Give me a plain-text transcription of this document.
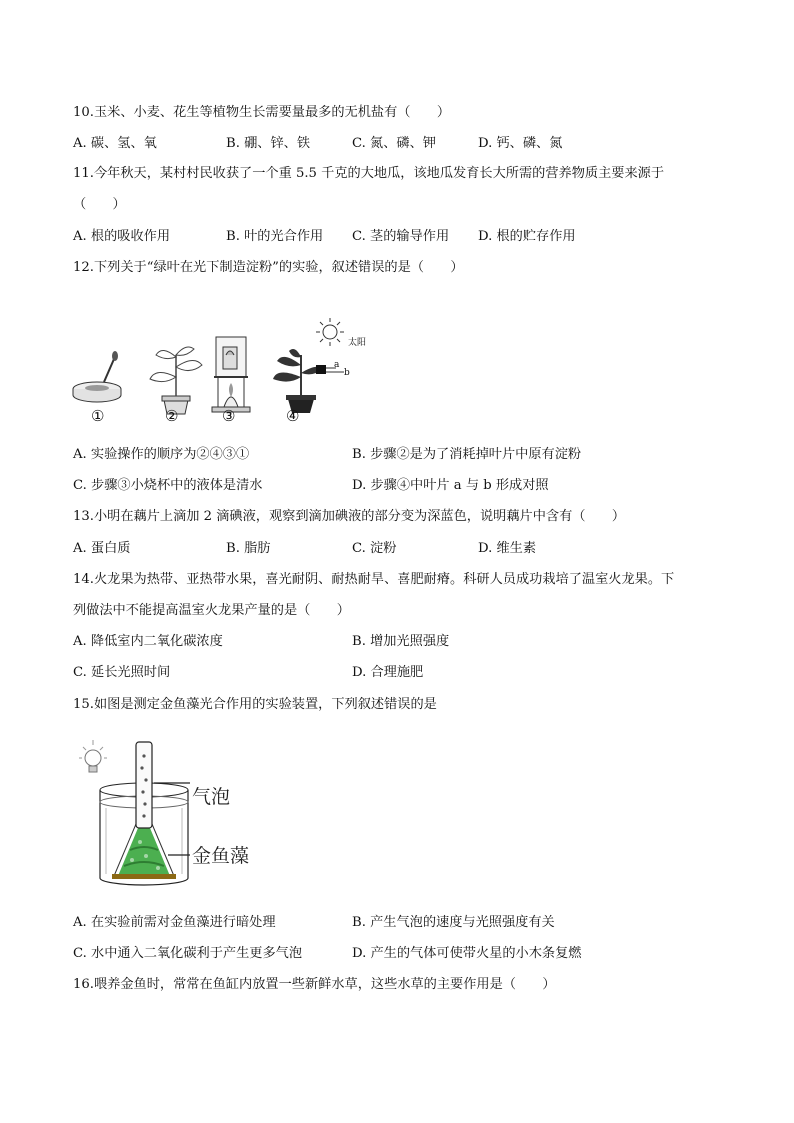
10.玉米、小麦、花生等植物生长需要量最多的无机盐有（　　）
A. 碳、氢、氧	B. 硼、锌、铁	C. 氮、磷、钾	D. 钙、磷、氮
11.今年秋天，某村村民收获了一个重 5.5 千克的大地瓜，该地瓜发育长大所需的营养物质主要来源于
（　　）
A. 根的吸收作用	B. 叶的光合作用 C. 茎的输导作用 D. 根的贮存作用
12.下列关于“绿叶在光下制造淀粉”的实验，叙述错误的是（　　）
①	②	③
太阳
a
b
④
A. 实验操作的顺序为②④③①	B. 步骤②是为了消耗掉叶片中原有淀粉
C. 步骤③小烧杯中的液体是清水	D. 步骤④中叶片 a 与 b 形成对照
13.小明在藕片上滴加 2 滴碘液，观察到滴加碘液的部分变为深蓝色，说明藕片中含有（　　）
A. 蛋白质	B. 脂肪	C. 淀粉	D. 维生素
14.火龙果为热带、亚热带水果，喜光耐阴、耐热耐旱、喜肥耐瘠。科研人员成功栽培了温室火龙果。下
列做法中不能提高温室火龙果产量的是（　　）
A. 降低室内二氧化碳浓度	B. 增加光照强度
C. 延长光照时间	D. 合理施肥
15.如图是测定金鱼藻光合作用的实验装置，下列叙述错误的是
气泡
金鱼藻
A. 在实验前需对金鱼藻进行暗处理	B. 产生气泡的速度与光照强度有关
C. 水中通入二氧化碳利于产生更多气泡	D. 产生的气体可使带火星的小木条复燃
16.喂养金鱼时，常常在鱼缸内放置一些新鲜水草，这些水草的主要作用是（　　）
